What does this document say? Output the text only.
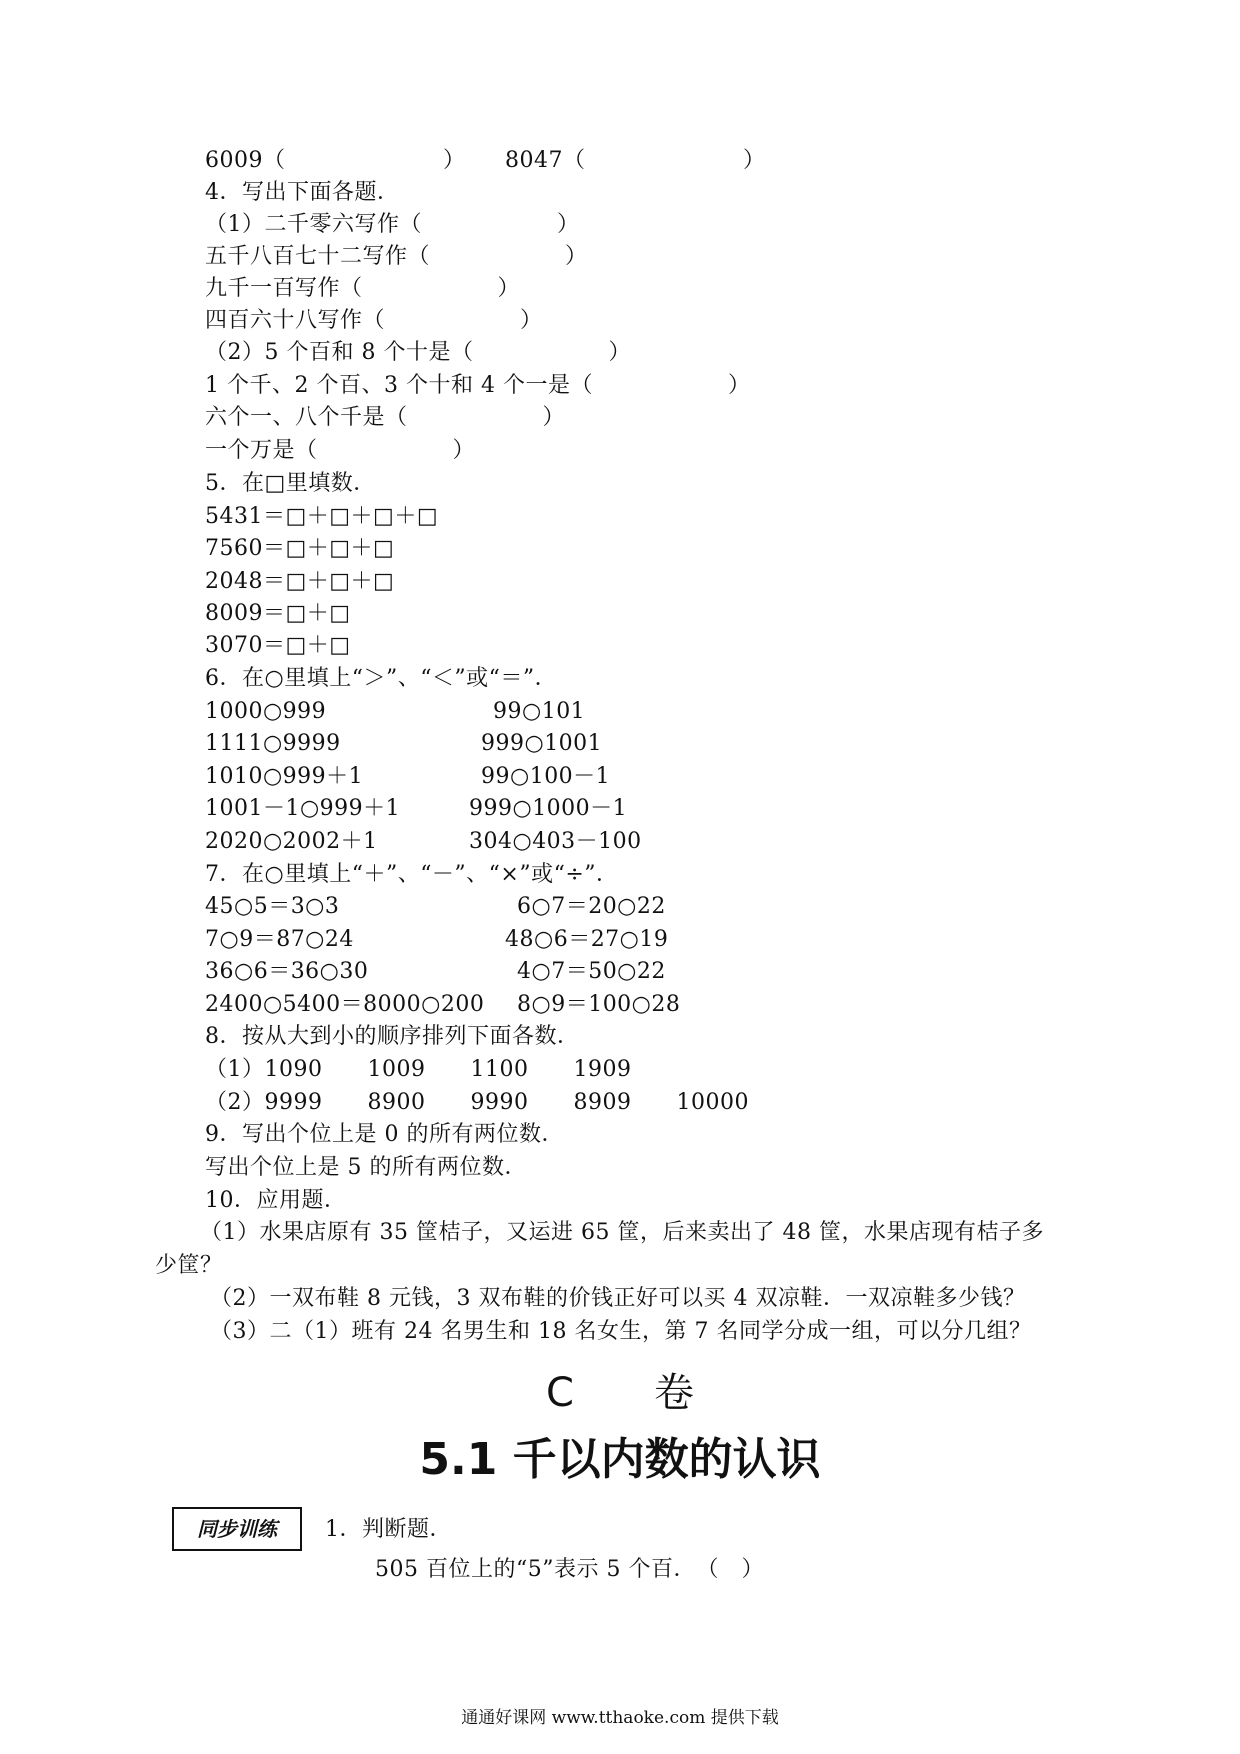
6009（　　　　　　　） 8047（　　　　　　　）
4．写出下面各题．
（1）二千零六写作（　　　　　　）
五千八百七十二写作（　　　　　　）
九千一百写作（　　　　　　）
四百六十八写作（　　　　　　）
（2）5 个百和 8 个十是（　　　　　　）
1 个千、2 个百、3 个十和 4 个一是（　　　　　　）
六个一、八个千是（　　　　　　）
一个万是（　　　　　　）
5．在□里填数．
5431＝□＋□＋□＋□
7560＝□＋□＋□
2048＝□＋□＋□
8009＝□＋□
3070＝□＋□
6．在○里填上“＞”、“＜”或“＝”．
1000○999	99○101
1111○9999	999○1001
1010○999＋1	99○100－1
1001－1○999＋1	999○1000－1
2020○2002＋1	304○403－100
7．在○里填上“＋”、“－”、“×”或“÷”．
45○5＝3○3	6○7＝20○22
7○9＝87○24	48○6＝27○19
36○6＝36○30	4○7＝50○22
2400○5400＝8000○200 8○9＝100○28
8．按从大到小的顺序排列下面各数．
（1）1090　　1009　　1100　　1909
（2）9999　　8900　　9990　　8909　　10000
9．写出个位上是 0 的所有两位数．
写出个位上是 5 的所有两位数．
10．应用题．
（1）水果店原有 35 筐桔子，又运进 65 筐，后来卖出了 48 筐，水果店现有桔子多
少筐？
（2）一双布鞋 8 元钱，3 双布鞋的价钱正好可以买 4 双凉鞋．一双凉鞋多少钱？
（3）二（1）班有 24 名男生和 18 名女生，第 7 名同学分成一组，可以分几组？
C　　卷
5.1 千以内数的认识
同步训练	1．判断题．
505 百位上的“5”表示 5 个百．　（　）
通通好课网 www.tthaoke.com 提供下载
